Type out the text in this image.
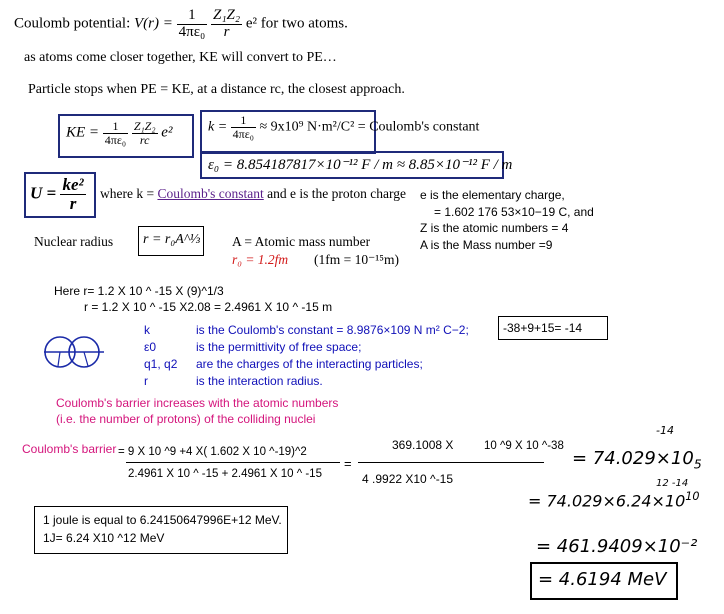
Coulomb potential: $V(r) = \frac{1}{\text{4πε₀}}$
$\frac{\text{Z₁Z₂}}{r} e^2$ for two atoms.
as atoms come closer together, KE will convert to PE…
Particle stops when PE = KE, at a distance rc, the closest approach.
KE = $\frac{1}{\text{4πε₀}}$
$\frac{\text{Z₁Z₂}}{rc} e^2$	$k = \frac{1}{\text{4πε₀}} \approx 9x10^9$ N·m²/C² = Coulomb's constant
ε₀ = 8.854187817×10⁻¹² F / m ≈ 8.85×10⁻¹² F / m
$U = \frac{\text{ke²}}{r}$ where k = Coulomb's constant and e is the proton charge e is the elementary charge,
= 1.602 176 53×10−19 C, and
Z is the atomic numbers = 4
A is the Mass number =9
Nuclear radius r = r₀A^⅓ A = Atomic mass number
r₀ = 1.2fm (1fm = 10⁻¹⁵m)
Here r= 1.2 X 10 ^ -15 X (9)^1/3
r = 1.2 X 10 ^ -15 X2.08 = 2.4961 X 10 ^ -15 m
k	is the Coulomb's constant = 8.9876×109 N m² C−2;
ε0	is the permittivity of free space;
q1, q2 are the charges of the interacting particles;
r	is the interaction radius.
-38+9+15= -14
Coulomb's barrier increases with the atomic numbers
(i.e. the number of protons) of the colliding nuclei
Coulomb's barrier = 9 X 10 ^9 +4 X( 1.602 X 10 ^-19)^2
2.4961 X 10 ^ -15 + 2.4961 X 10 ^ -15
=
369.1008 X	10 ^9 X 10 ^-38
4 .9922 X10 ^-15
-14
= $74.029\times 10_5$
12 -14
= $74.029\times 6.24\times 10^{10}$
= 461.9409×10⁻²
= 4.6194 MeV
1 joule is equal to 6.24150647996E+12 MeV.
1J= 6.24 X10 ^12 MeV
